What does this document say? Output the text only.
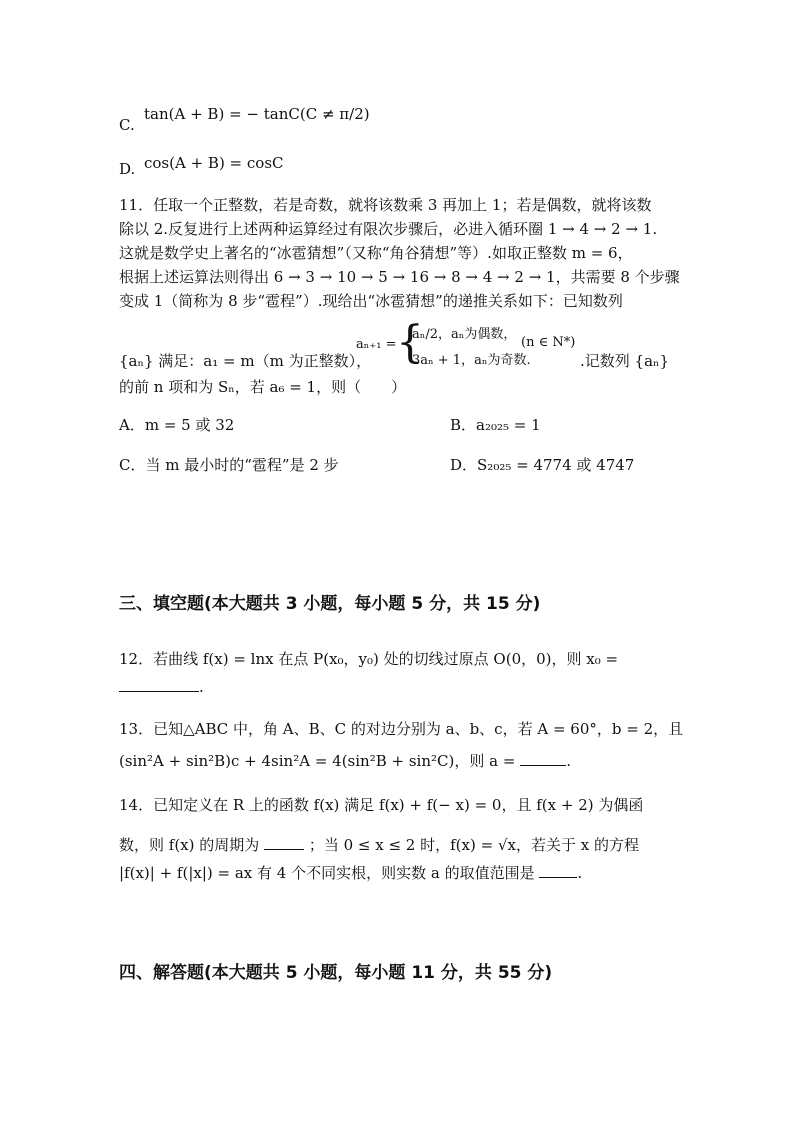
C.
tan(A + B) = − tanC(C ≠ π/2)
D. cos(A + B) = cosC
11．任取一个正整数，若是奇数，就将该数乘 3 再加上 1；若是偶数，就将该数
除以 2.反复进行上述两种运算经过有限次步骤后，必进入循环圈 1 → 4 → 2 → 1.
这就是数学史上著名的“冰雹猜想”（又称“角谷猜想”等）.如取正整数 m = 6，
根据上述运算法则得出 6 → 3 → 10 → 5 → 16 → 8 → 4 → 2 → 1，共需要 8 个步骤
变成 1（简称为 8 步“雹程”）.现给出“冰雹猜想”的递推关系如下：已知数列
{aₙ} 满足：a₁ = m（m 为正整数），
aₙ₊₁ = {
aₙ/2，aₙ为偶数，
3aₙ + 1，aₙ为奇数.
(n ∈ N*)
.记数列 {aₙ}
的前 n 项和为 Sₙ，若 a₆ = 1，则（　　）
A．m = 5 或 32	B．a₂₀₂₅ = 1
C．当 m 最小时的“雹程”是 2 步	D．S₂₀₂₅ = 4774 或 4747
三、填空题(本大题共 3 小题，每小题 5 分，共 15 分)
12．若曲线 f(x) = lnx 在点 P(x₀，y₀) 处的切线过原点 O(0，0)，则 x₀ =
.
13．已知△ABC 中，角 A、B、C 的对边分别为 a、b、c，若 A = 60°，b = 2，且
(sin²A + sin²B)c + 4sin²A = 4(sin²B + sin²C)，则 a =	.
14．已知定义在 R 上的函数 f(x) 满足 f(x) + f(− x) = 0，且 f(x + 2) 为偶函
数，则 f(x) 的周期为	；当 0 ≤ x ≤ 2 时，f(x) = √x，若关于 x 的方程
|f(x)| + f(|x|) = ax 有 4 个不同实根，则实数 a 的取值范围是	.
四、解答题(本大题共 5 小题，每小题 11 分，共 55 分)
